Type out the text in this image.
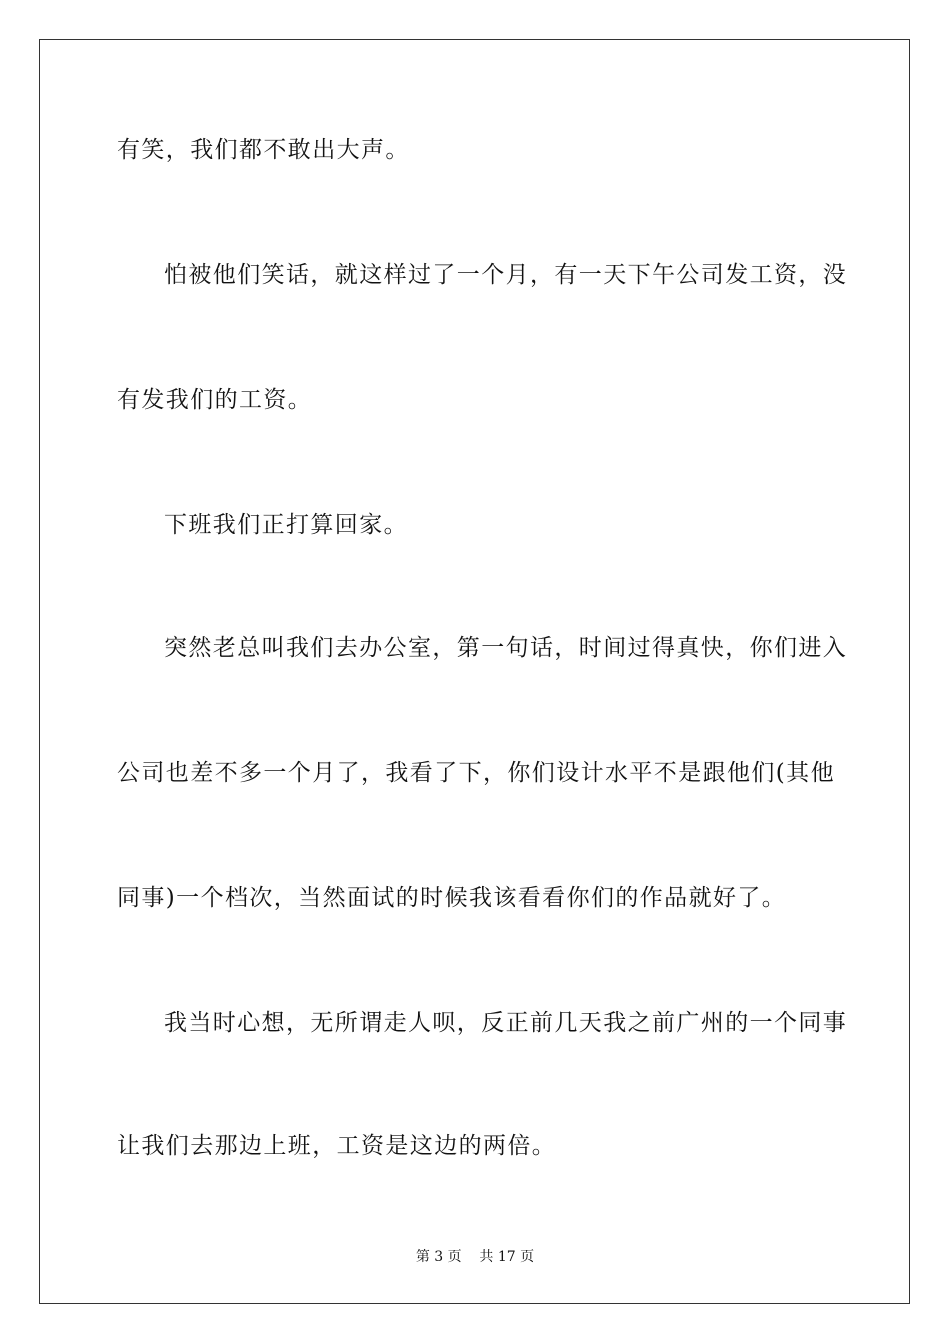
有笑，我们都不敢出大声。
怕被他们笑话，就这样过了一个月，有一天下午公司发工资，没
有发我们的工资。
下班我们正打算回家。
突然老总叫我们去办公室，第一句话，时间过得真快，你们进入
公司也差不多一个月了，我看了下，你们设计水平不是跟他们(其他
同事)一个档次，当然面试的时候我该看看你们的作品就好了。
我当时心想，无所谓走人呗，反正前几天我之前广州的一个同事
让我们去那边上班，工资是这边的两倍。
第 3 页    共 17 页
